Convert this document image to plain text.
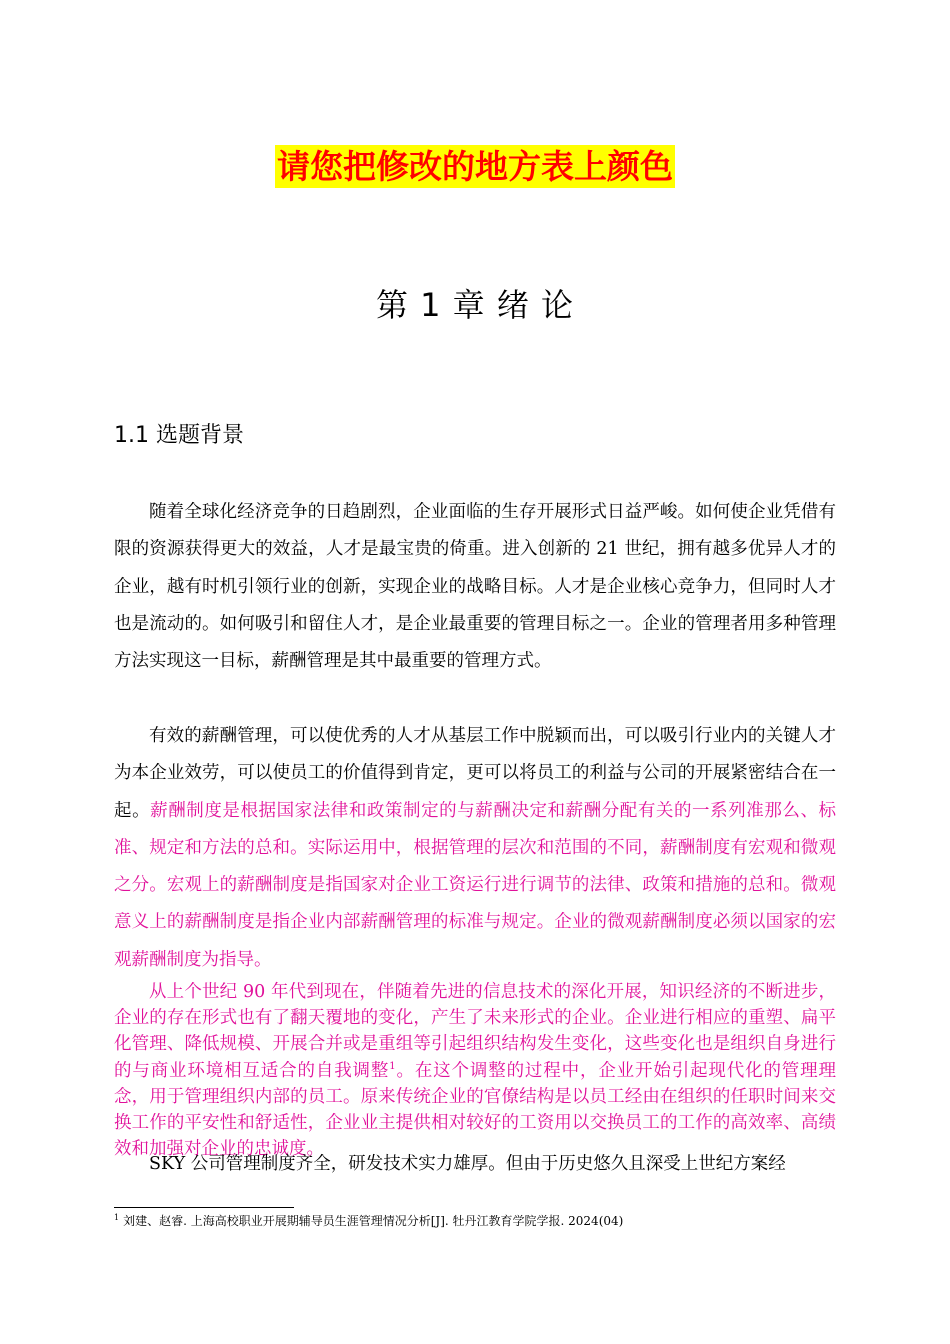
请您把修改的地方表上颜色
第 1 章 绪 论
1.1 选题背景

随着全球化经济竞争的日趋剧烈，企业面临的生存开展形式日益严峻。如何使企业凭借有限的资源获得更大的效益，人才是最宝贵的倚重。进入创新的 21 世纪，拥有越多优异人才的企业，越有时机引领行业的创新，实现企业的战略目标。人才是企业核心竞争力，但同时人才也是流动的。如何吸引和留住人才，是企业最重要的管理目标之一。企业的管理者用多种管理方法实现这一目标，薪酬管理是其中最重要的管理方式。

有效的薪酬管理，可以使优秀的人才从基层工作中脱颖而出，可以吸引行业内的关键人才为本企业效劳，可以使员工的价值得到肯定，更可以将员工的利益与公司的开展紧密结合在一起。薪酬制度是根据国家法律和政策制定的与薪酬决定和薪酬分配有关的一系列准那么、标准、规定和方法的总和。实际运用中，根据管理的层次和范围的不同，薪酬制度有宏观和微观之分。宏观上的薪酬制度是指国家对企业工资运行进行调节的法律、政策和措施的总和。微观意义上的薪酬制度是指企业内部薪酬管理的标准与规定。企业的微观薪酬制度必须以国家的宏观薪酬制度为指导。

从上个世纪 90 年代到现在，伴随着先进的信息技术的深化开展，知识经济的不断进步，企业的存在形式也有了翻天覆地的变化，产生了未来形式的企业。企业进行相应的重塑、扁平化管理、降低规模、开展合并或是重组等引起组织结构发生变化，这些变化也是组织自身进行的与商业环境相互适合的自我调整$^1$。在这个调整的过程中，企业开始引起现代化的管理理念，用于管理组织内部的员工。原来传统企业的官僚结构是以员工经由在组织的任职时间来交换工作的平安性和舒适性，企业业主提供相对较好的工资用以交换员工的工作的高效率、高绩效和加强对企业的忠诚度。

SKY 公司管理制度齐全，研发技术实力雄厚。但由于历史悠久且深受上世纪方案经

$^1$ 刘建、赵睿. 上海高校职业开展期辅导员生涯管理情况分析[J]. 牡丹江教育学院学报. 2024(04)
